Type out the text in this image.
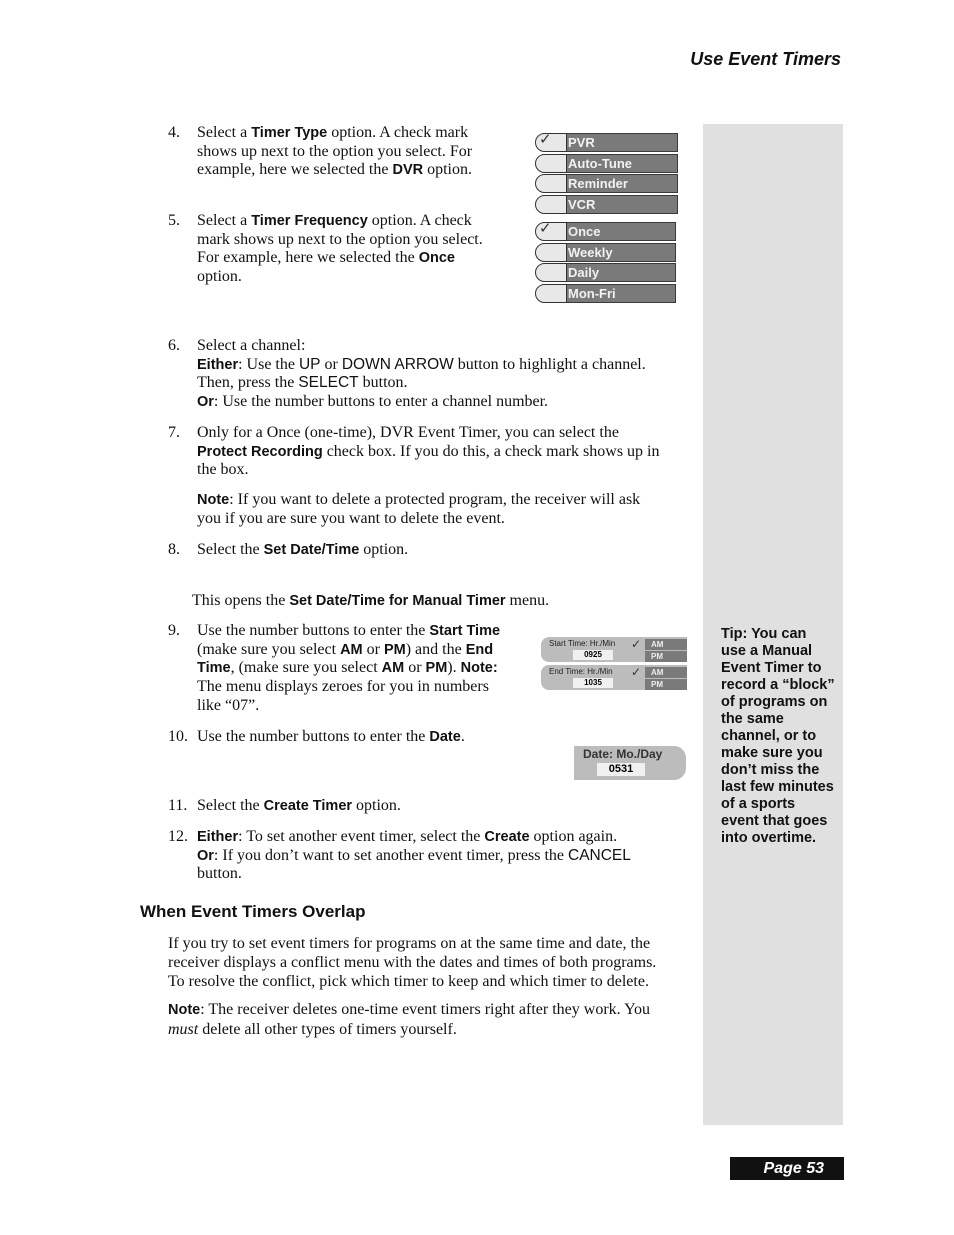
Use Event Timers
Tip: You can use a Manual Event Timer to record a “block” of programs on the same channel, or to make sure you don’t miss the last few minutes of a sports event that goes into overtime.
4. Select a Timer Type option. A check mark
shows up next to the option you select. For
example, here we selected the DVR option.
✓ PVR
Auto-Tune
Reminder
VCR
5. Select a Timer Frequency option. A check
mark shows up next to the option you select.
For example, here we selected the Once
option.
✓ Once
Weekly
Daily
Mon-Fri
6. Select a channel:
Either: Use the UP or DOWN ARROW button to highlight a channel.
Then, press the SELECT button.
Or: Use the number buttons to enter a channel number.
7. Only for a Once (one-time), DVR Event Timer, you can select the
Protect Recording check box. If you do this, a check mark shows up in
the box.
Note: If you want to delete a protected program, the receiver will ask
you if you are sure you want to delete the event.
8. Select the Set Date/Time option.
This opens the Set Date/Time for Manual Timer menu.
9. Use the number buttons to enter the Start Time
(make sure you select AM or PM) and the End
Time, (make sure you select AM or PM). Note:
The menu displays zeroes for you in numbers
like “07”.
Start Time: Hr./Min ✓
0925
AM
PM
End Time: Hr./Min ✓
1035
AM
PM
10. Use the number buttons to enter the Date.
Date: Mo./Day
0531
11. Select the Create Timer option.
12. Either: To set another event timer, select the Create option again.
Or: If you don’t want to set another event timer, press the CANCEL
button.
When Event Timers Overlap
If you try to set event timers for programs on at the same time and date, the
receiver displays a conflict menu with the dates and times of both programs.
To resolve the conflict, pick which timer to keep and which timer to delete.
Note: The receiver deletes one-time event timers right after they work. You
must delete all other types of timers yourself.
Page 53
